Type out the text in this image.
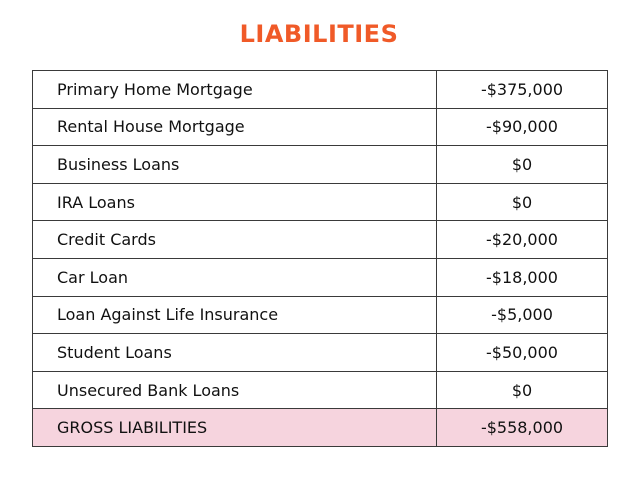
LIABILITIES
Primary Home Mortgage	-$375,000
Rental House Mortgage	-$90,000
Business Loans	$0
IRA Loans	$0
Credit Cards	-$20,000
Car Loan	-$18,000
Loan Against Life Insurance	-$5,000
Student Loans	-$50,000
Unsecured Bank Loans	$0
GROSS LIABILITIES	-$558,000
